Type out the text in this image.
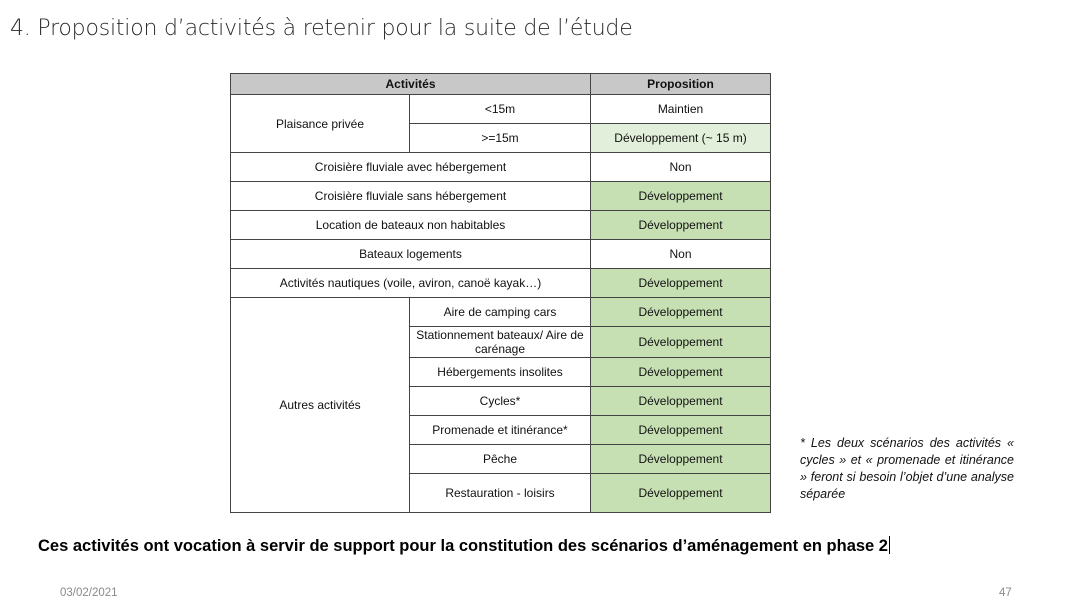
4. Proposition d’activités à retenir pour la suite de l’étude
Activités		Proposition
Plaisance privée	<15m	Maintien
	>=15m	Développement (~ 15 m)
Croisière fluviale avec hébergement		Non
Croisière fluviale sans hébergement		Développement
Location de bateaux non habitables		Développement
Bateaux logements		Non
Activités nautiques (voile, aviron, canoë kayak…)		Développement
Autres activités	Aire de camping cars	Développement
	Stationnement bateaux/ Aire de carénage	Développement
	Hébergements insolites	Développement
	Cycles*	Développement
	Promenade et itinérance*	Développement
	Pêche	Développement
	Restauration - loisirs	Développement
* Les deux scénarios des activités « cycles » et « promenade et itinérance » feront si besoin l’objet d’une analyse séparée
Ces activités ont vocation à servir de support pour la constitution des scénarios d’aménagement en phase 2
03/02/2021	47
